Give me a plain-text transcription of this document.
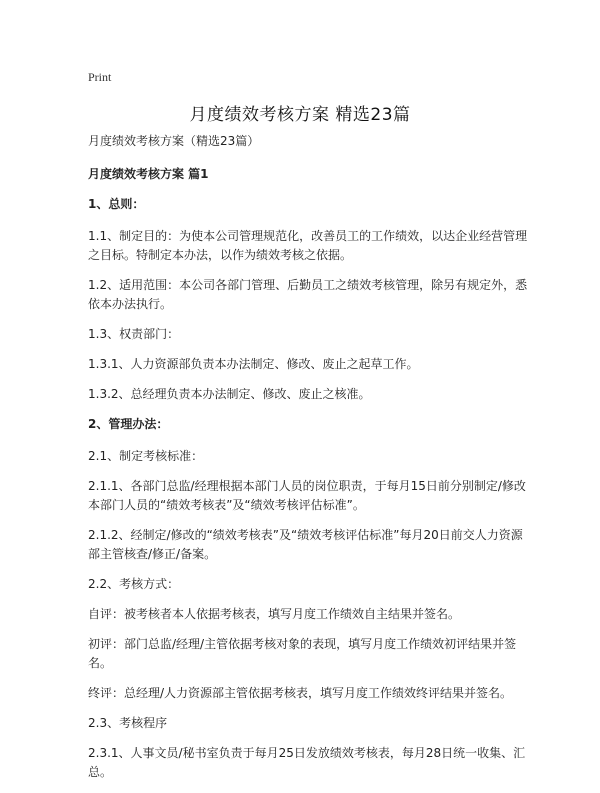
Print
月度绩效考核方案 精选23篇

月度绩效考核方案（精选23篇）

月度绩效考核方案 篇1

1、总则：

1.1、制定目的：为使本公司管理规范化，改善员工的工作绩效，以达企业经营管理之目标。特制定本办法，以作为绩效考核之依据。

1.2、适用范围：本公司各部门管理、后勤员工之绩效考核管理，除另有规定外，悉依本办法执行。

1.3、权责部门：

1.3.1、人力资源部负责本办法制定、修改、废止之起草工作。

1.3.2、总经理负责本办法制定、修改、废止之核准。

2、管理办法：

2.1、制定考核标准：

2.1.1、各部门总监/经理根据本部门人员的岗位职责，于每月15日前分别制定/修改本部门人员的“绩效考核表”及“绩效考核评估标准”。

2.1.2、经制定/修改的“绩效考核表”及“绩效考核评估标准”每月20日前交人力资源部主管核查/修正/备案。

2.2、考核方式：

自评：被考核者本人依据考核表，填写月度工作绩效自主结果并签名。

初评：部门总监/经理/主管依据考核对象的表现，填写月度工作绩效初评结果并签名。

终评：总经理/人力资源部主管依据考核表，填写月度工作绩效终评结果并签名。

2.3、考核程序

2.3.1、人事文员/秘书室负责于每月25日发放绩效考核表，每月28日统一收集、汇总。
